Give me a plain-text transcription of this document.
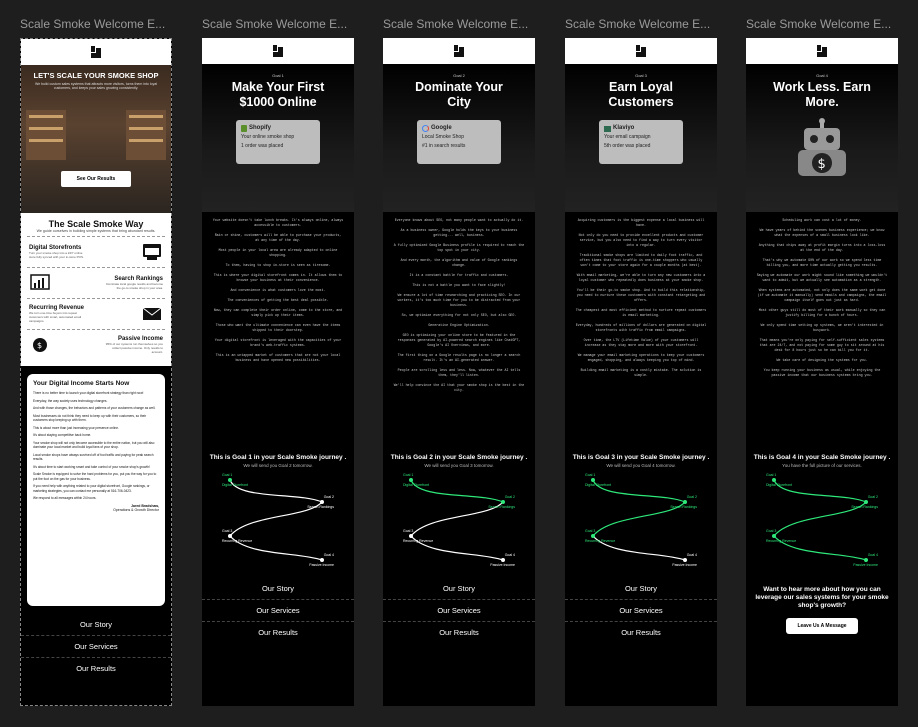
Scale Smoke Welcome E...	Scale Smoke Welcome E...	Scale Smoke Welcome E...	Scale Smoke Welcome E...	Scale Smoke Welcome E...
LET'S SCALE YOUR SMOKE SHOP
We build custom sales systems that attracts more visitors, turns them into loyal customers, and keeps your sales growing consistently.
See Our Results
The Scale Smoke Way
We guide ourselves in building simple systems that bring abundant results.
Digital Storefronts
Turn your smoke shop into a 24/7 online store fully synced with your in-store POS.
Search Rankings
Dominate local google results and become the go-to smoke shop in your area.
Recurring Revenue
We turn one-time buyers into repeat customers with smart, automated email campaigns.
$
Passive Income
95% of our systems run themselves so you collect passive income. Only results to account.
Your Digital Income Starts Now

There is no better time to launch your digital storefront strategy than right now!

Everyday, the way society uses technology changes.

And with those changes, the behaviors and patterns of your customers change as well.

Most businesses do not think they need to keep up with their customers, so their customers stop keeping up with them.

This is about more than just increasing your presence online.

It's about staying competitive back home.

Your smoke shop will not only become accessible to the entire nation, but you will also dominate your local market and build loyal fans of your shop.

Local smoke shops have always survived off of foot traffic and paying for peak search results.

It's about time to start working smart and take control of your smoke shop's growth!

Scale Smoke is equipped to solve the hard problems for you, put you the way for you to put the foot on the gas for your business.

If you need help with anything related to your digital storefront, Google rankings, or marketing strategies, you can contact me personally at 516-706-0423.

We respond to all messages within 24 hours.

Jared Bradshaw,
Operations & Growth Director
Our Story
Our Services
Our Results
Goal 1
Make Your First $1000 Online
Shopify
Your online smoke shop
1 order was placed

Your website doesn't take lunch breaks. It's always online, always accessible to customers.

Rain or shine, customers will be able to purchase your products, at any time of the day.

Most people in your local area are already adapted to online shopping.

To them, having to shop in-store is seen as tiresome.

This is where your digital storefront comes in. It allows them to browse your business at their convenience.

And convenience is what customers love the most.

The conveniences of getting the best deal possible.

Now, they can complete their order online, come to the store, and simply pick up their items.

Those who want the ultimate convenience can even have the items shipped to their doorstep.

Your digital storefront is leveraged with the capacities of your brand's web-traffic systems.

This is an untapped market of customers that are not your local business and have opened new possibilities.

This is Goal 1 in your Scale Smoke journey .
We will send you Goal 2 tomorrow.
Goal 1
Digital Storefront
Goal 2
Search Rankings
Goal 3
Recurring Revenue
Goal 4
Passive Income
Our Story
Our Services
Our Results
Goal 2
Dominate Your City
Google
Local Smoke Shop
#1 in search results

Everyone knows about SEO, not many people want to actually do it.

As a business owner, Google holds the keys to your business getting... well, business.

A fully optimized Google Business profile is required to reach the top spot in your city.

And every month, the algorithm and value of Google rankings change.

It is a constant battle for traffic and customers.

This is not a battle you want to face slightly!

We ensure a lot of time researching and practicing SEO. In our workers, it's too much time for you to be distracted from your business.

So, we optimize everything for not only SEO, but also GEO.

Generative Engine Optimization.

GEO is optimizing your online store to be featured in the responses generated by AI-powered search engines like ChatGPT, Google's AI Overviews, and more.

The first thing on a Google results page is no longer a search result. It's an AI-generated answer.

People are scrolling less and less. Now, whatever the AI tells them, they'll listen.

We'll help convince the AI that your smoke shop is the best in the city.

This is Goal 2 in your Scale Smoke journey .
We will send you Goal 3 tomorrow.
Goal 1
Digital Storefront
Goal 2
Search Rankings
Goal 3
Recurring Revenue
Goal 4
Passive Income
Our Story
Our Services
Our Results
Goal 3
Earn Loyal Customers
Klaviyo
Your email campaign
5th order was placed

Acquiring customers is the biggest expense a local business will have.

Not only do you need to provide excellent products and customer service, but you also need to find a way to turn every visitor into a regular.

Traditional smoke shops are limited to daily foot traffic, and often times that foot traffic is one-time shoppers who usually won't come to your store again for a couple months (at best).

With email marketing, we're able to turn any new customers into a loyal customer who repeatedly does business at your smoke shop.

You'll be their go-to smoke shop. And to build this relationship, you need to nurture these customers with constant retargeting and offers.

The cheapest and most efficient method to nurture repeat customers is email marketing.

Everyday, hundreds of millions of dollars are generated on digital storefronts with traffic from email campaigns.

Over time, the LTV (Lifetime Value) of your customers will increase as they stay more and more with your storefront.

We manage your email marketing operations to keep your customers engaged, shopping, and always keeping you top of mind.

Building email marketing is a costly mistake. The solution is simple.

This is Goal 3 in your Scale Smoke journey .
We will send you Goal 4 tomorrow.
Goal 1
Digital Storefront
Goal 2
Search Rankings
Goal 3
Recurring Revenue
Goal 4
Passive Income
Our Story
Our Services
Our Results
Goal 4
Work Less. Earn More.
$

Scheduling work can cost a lot of money.

We have years of behind the scenes business experience; we know what the expenses of a small business look like.

Anything that chips away at profit margin turns into a loss-loss at the end of the day.

That's why we automate 90% of our work so we spend less time billing you, and more time actually getting you results.

Saying we automate our work might sound like something we wouldn't want to admit, but we actually see automation as a strength.

When systems are automated, not only does the same work get done (if we automate it manually) send emails and campaigns, the email campaign itself goes out just as hard.

Most other guys still do most of their work manually so they can justify billing for a bunch of hours.

We only spend time setting up systems, we aren't interested in busywork.

That means you're only paying for self-sufficient sales systems that are 24/7, and not paying for some guy to sit around at his desk for 8 hours just so he can bill you for it.

We take care of designing the systems for you.

You keep running your business as usual, while enjoying the passive income that our business systems bring you.

This is Goal 4 in your Scale Smoke journey .
You have the full picture of our services.
Goal 1
Digital Storefront
Goal 2
Search Rankings
Goal 3
Recurring Revenue
Goal 4
Passive Income
Want to hear more about how you can leverage our sales systems for your smoke shop's growth?
Leave Us A Message
